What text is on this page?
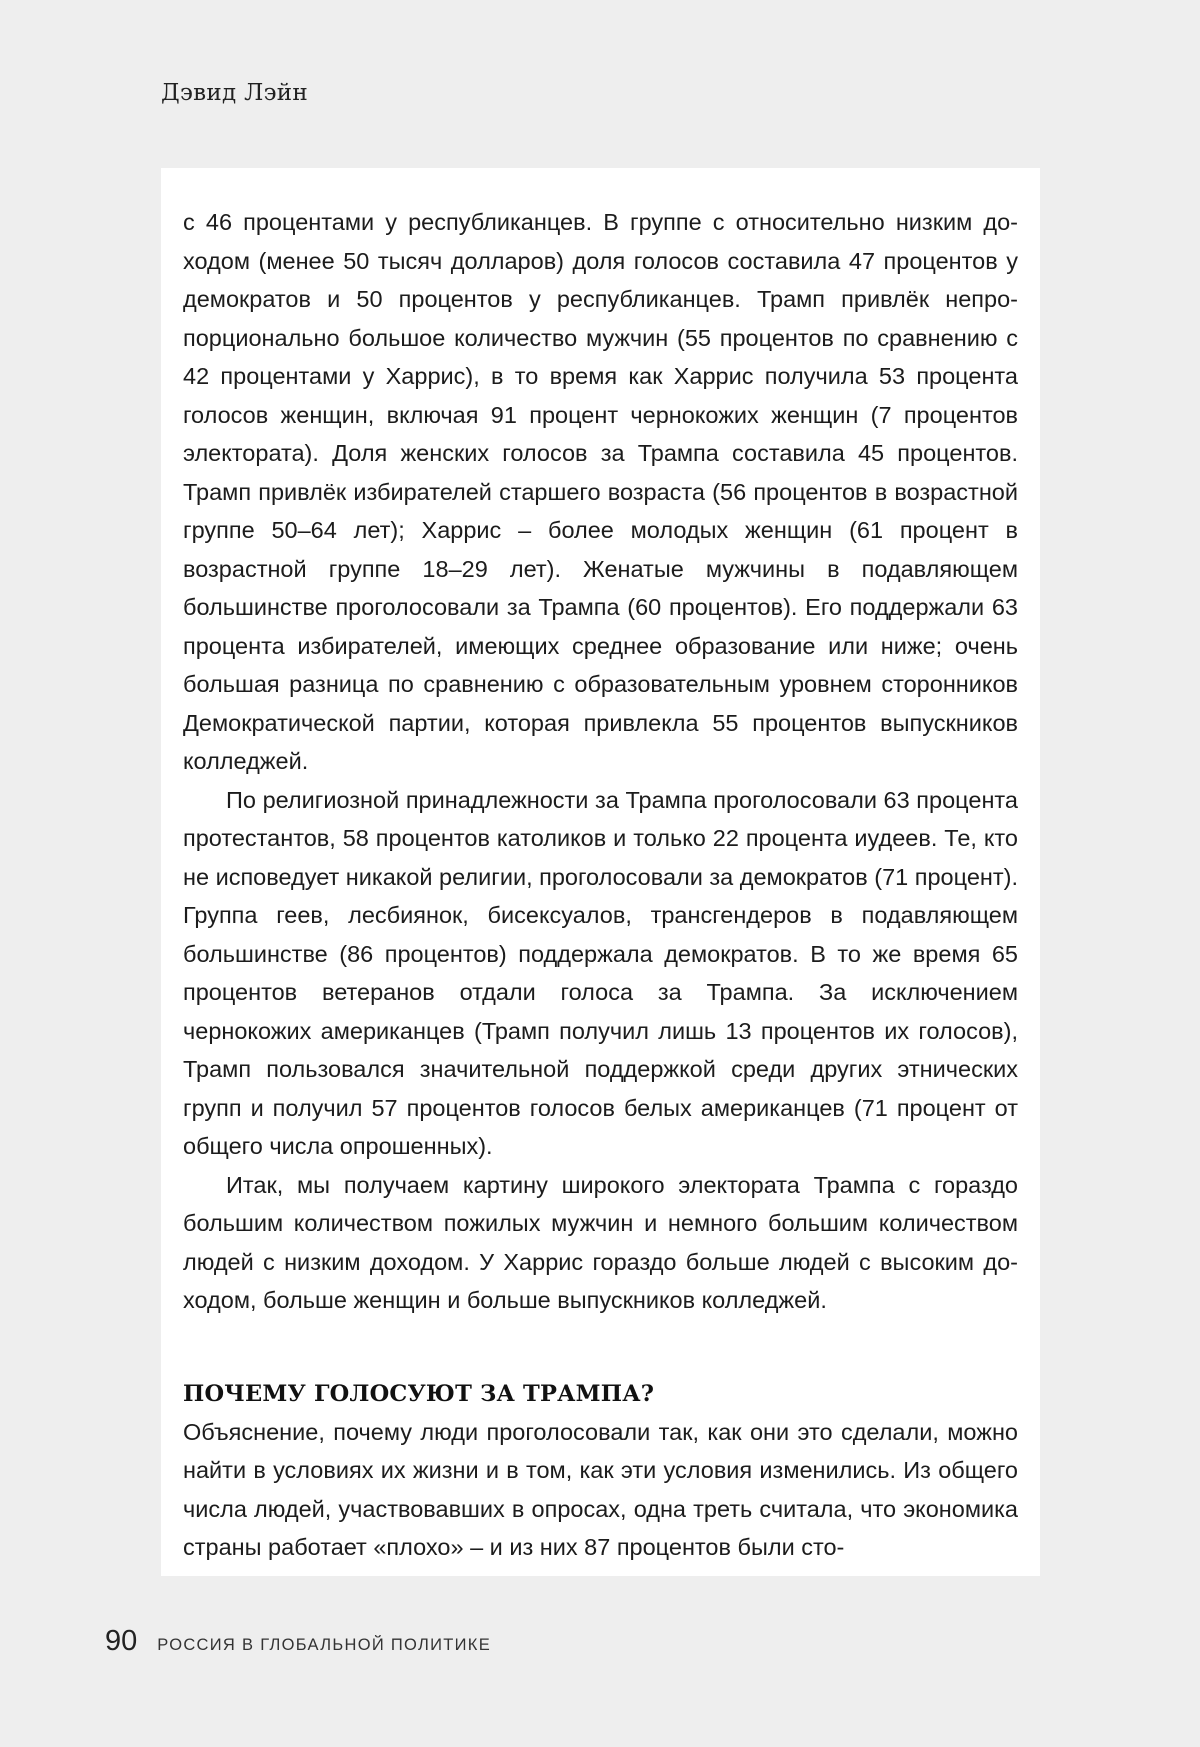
Дэвид Лэйн

с 46 процентами у республиканцев. В группе с относительно низким доходом (менее 50 тысяч долларов) доля голосов составила 47 процентов у демократов и 50 процентов у республиканцев. Трамп привлёк непропорционально большое количество мужчин (55 процентов по сравнению с 42 процентами у Харрис), в то время как Харрис получила 53 процента голосов женщин, включая 91 процент чернокожих женщин (7 процентов электората). Доля женских голосов за Трампа составила 45 процентов. Трамп привлёк избирателей старшего возраста (56 процентов в возрастной группе 50–64 лет); Харрис – более молодых женщин (61 процент в возрастной группе 18–29 лет). Женатые мужчины в подавляющем большинстве проголосовали за Трампа (60 процентов). Его поддержали 63 процента избирателей, имеющих среднее образование или ниже; очень большая разница по сравнению с образовательным уровнем сторонников Демократической партии, которая привлекла 55 процентов выпускников колледжей.

По религиозной принадлежности за Трампа проголосовали 63 процента протестантов, 58 процентов католиков и только 22 процента иудеев. Те, кто не исповедует никакой религии, проголосовали за демократов (71 процент). Группа геев, лесбиянок, бисексуалов, трансгендеров в подавляющем большинстве (86 процентов) поддержала демократов. В то же время 65 процентов ветеранов отдали голоса за Трампа. За исключением чернокожих американцев (Трамп получил лишь 13 процентов их голосов), Трамп пользовался значительной поддержкой среди других этнических групп и получил 57 процентов голосов белых американцев (71 процент от общего числа опрошенных).

Итак, мы получаем картину широкого электората Трампа с гораздо большим количеством пожилых мужчин и немного большим количеством людей с низким доходом. У Харрис гораздо больше людей с высоким доходом, больше женщин и больше выпускников колледжей.

ПОЧЕМУ ГОЛОСУЮТ ЗА ТРАМПА?

Объяснение, почему люди проголосовали так, как они это сделали, можно найти в условиях их жизни и в том, как эти условия изменились. Из общего числа людей, участвовавших в опросах, одна треть считала, что экономика страны работает «плохо» – и из них 87 процентов были сто-

90 РОССИЯ В ГЛОБАЛЬНОЙ ПОЛИТИКЕ
